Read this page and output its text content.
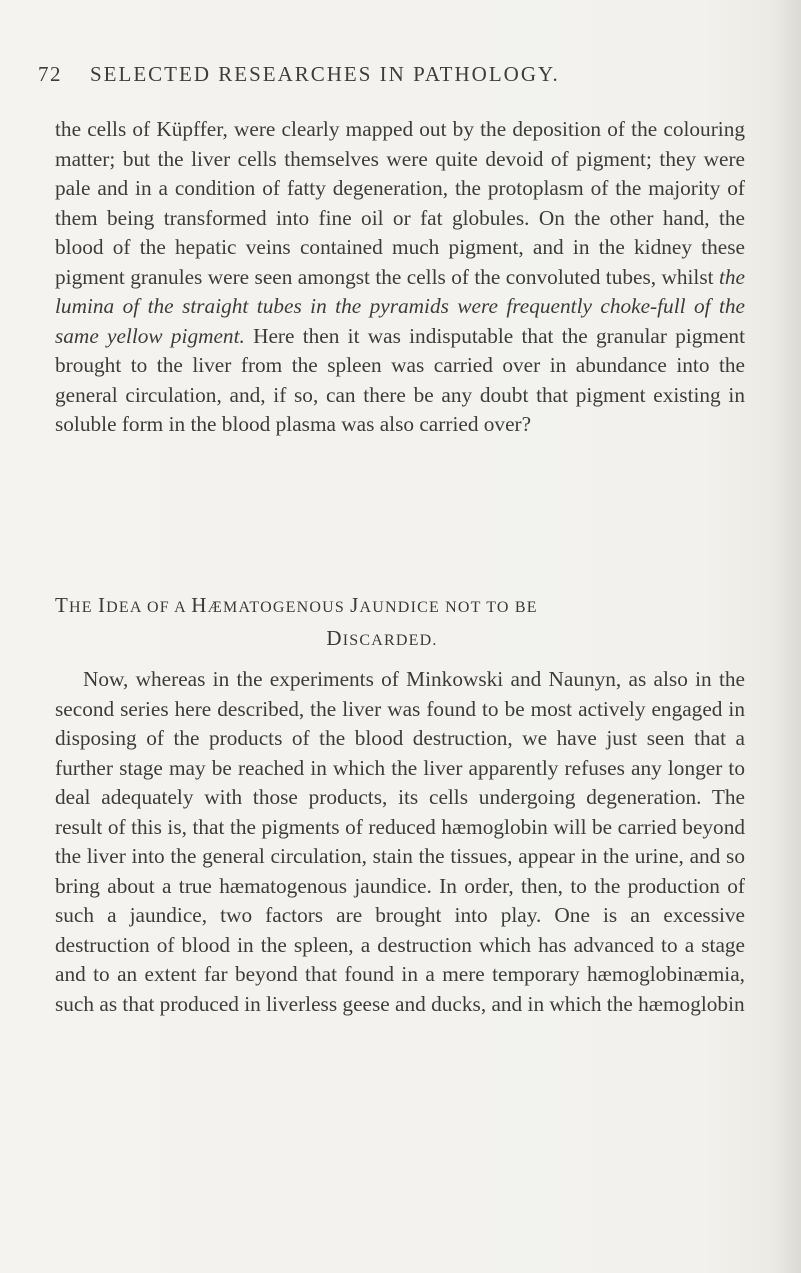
72 SELECTED RESEARCHES IN PATHOLOGY.
the cells of Küpffer, were clearly mapped out by the deposition of the colouring matter; but the liver cells themselves were quite devoid of pigment; they were pale and in a condition of fatty degeneration, the protoplasm of the majority of them being transformed into fine oil or fat globules. On the other hand, the blood of the hepatic veins contained much pigment, and in the kidney these pigment granules were seen amongst the cells of the convoluted tubes, whilst the lumina of the straight tubes in the pyramids were frequently choke-full of the same yellow pigment. Here then it was indisputable that the granular pigment brought to the liver from the spleen was carried over in abundance into the general circulation, and, if so, can there be any doubt that pigment existing in soluble form in the blood plasma was also carried over?
THE IDEA OF A HÆMATOGENOUS JAUNDICE NOT TO BE
DISCARDED.
Now, whereas in the experiments of Minkowski and Naunyn, as also in the second series here described, the liver was found to be most actively engaged in disposing of the products of the blood destruction, we have just seen that a further stage may be reached in which the liver apparently refuses any longer to deal adequately with those products, its cells undergoing degeneration. The result of this is, that the pigments of reduced hæmoglobin will be carried beyond the liver into the general circulation, stain the tissues, appear in the urine, and so bring about a true hæmatogenous jaundice. In order, then, to the production of such a jaundice, two factors are brought into play. One is an excessive destruction of blood in the spleen, a destruction which has advanced to a stage and to an extent far beyond that found in a mere temporary hæmoglobinæmia, such as that produced in liverless geese and ducks, and in which the hæmoglobin
